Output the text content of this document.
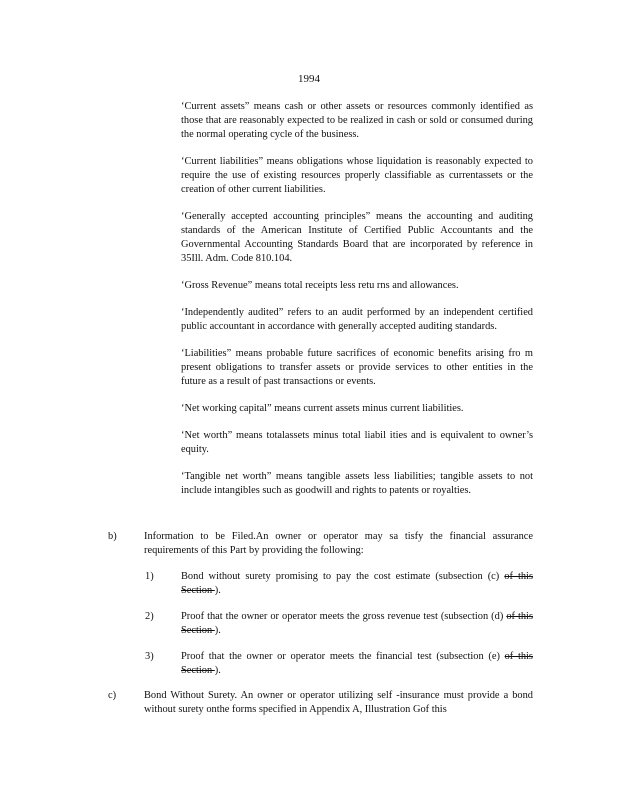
1994

‘Current assets” means cash or other assets or resources commonly identified as those that are reasonably expected to be realized in cash or sold or consumed during the normal operating cycle of the business.

‘Current liabilities” means obligations whose liquidation is reasonably expected to require the use of existing resources properly classifiable as currentassets or the creation of other current liabilities.

‘Generally accepted accounting principles” means the accounting and auditing standards of the American Institute of Certified Public Accountants and the Governmental Accounting Standards Board that are incorporated by reference in 35Ill. Adm. Code 810.104.

‘Gross Revenue” means total receipts less retu rns and allowances.

‘Independently audited” refers to an audit performed by an independent certified public accountant in accordance with generally accepted auditing standards.

‘Liabilities” means probable future sacrifices of economic benefits arising fro m present obligations to transfer assets or provide services to other entities in the future as a result of past transactions or events.

‘Net working capital” means current assets minus current liabilities.

‘Net worth” means totalassets minus total liabil ities and is equivalent to owner’s equity.

‘Tangible net worth” means tangible assets less liabilities; tangible assets to not include intangibles such as goodwill and rights to patents or royalties.

b)	Information to be Filed.An owner or operator may sa tisfy the financial assurance requirements of this Part by providing the following:
1)	Bond without surety promising to pay the cost estimate (subsection (c) of this Section ).
2)	Proof that the owner or operator meets the gross revenue test (subsection (d) of this Section ).
3)	Proof that the owner or operator meets the financial test (subsection (e) of this Section ).
c)	Bond Without Surety. An owner or operator utilizing self -insurance must provide a bond without surety onthe forms specified in Appendix A, Illustration Gof this
